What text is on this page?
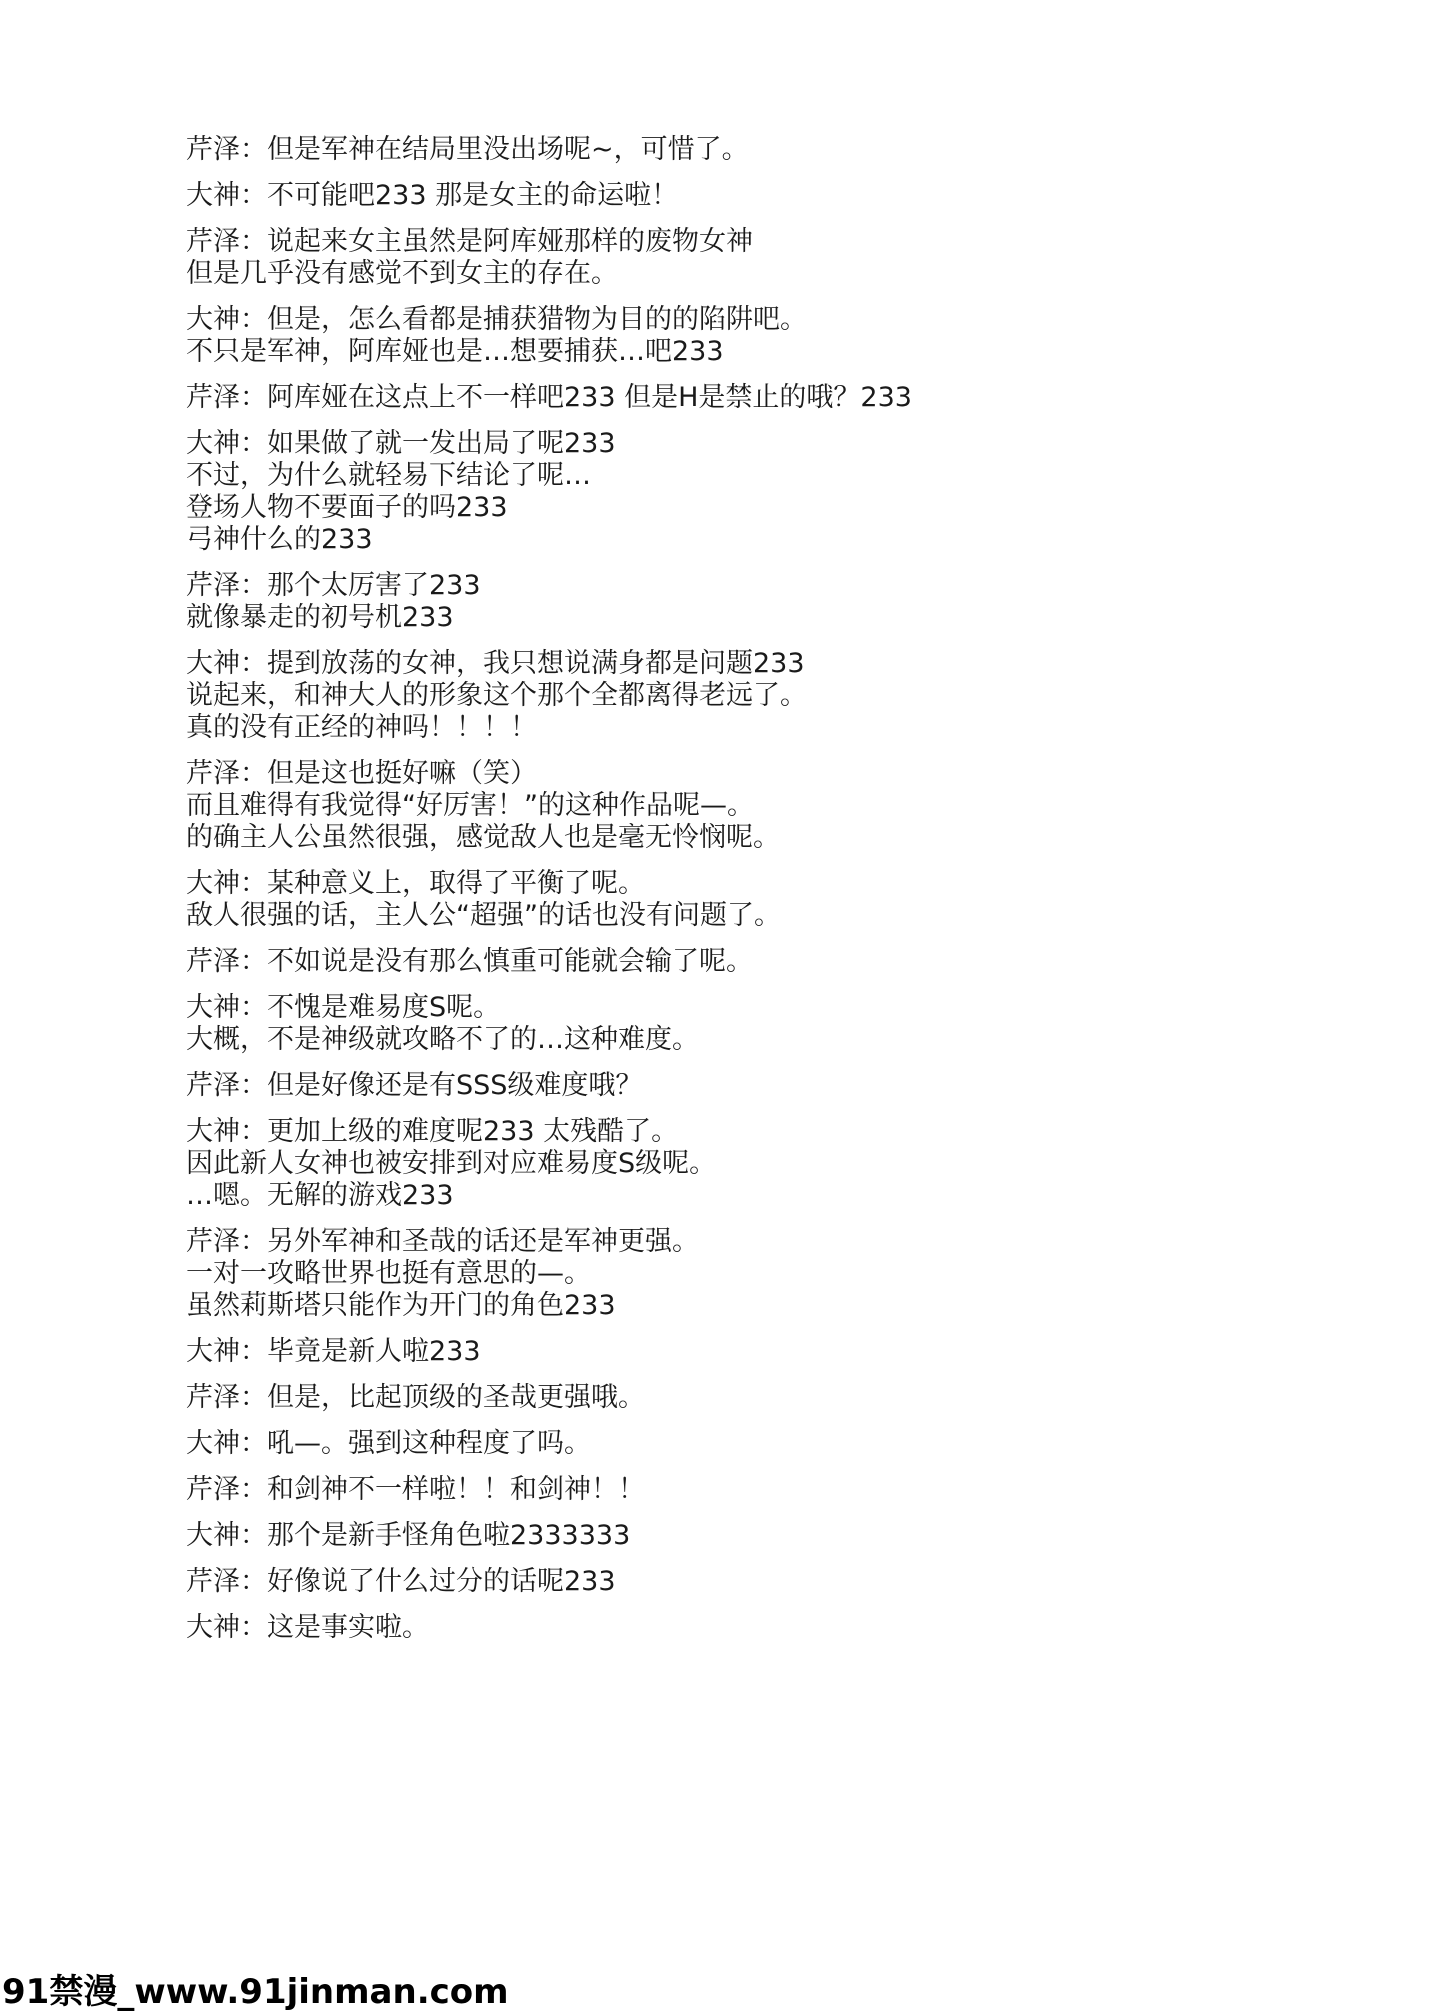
芹泽：但是军神在结局里没出场呢~，可惜了。
大神：不可能吧233 那是女主的命运啦！
芹泽：说起来女主虽然是阿库娅那样的废物女神
但是几乎没有感觉不到女主的存在。
大神：但是，怎么看都是捕获猎物为目的的陷阱吧。
不只是军神，阿库娅也是…想要捕获…吧233
芹泽：阿库娅在这点上不一样吧233 但是H是禁止的哦？233
大神：如果做了就一发出局了呢233
不过，为什么就轻易下结论了呢…
登场人物不要面子的吗233
弓神什么的233
芹泽：那个太厉害了233
就像暴走的初号机233
大神：提到放荡的女神，我只想说满身都是问题233
说起来，和神大人的形象这个那个全都离得老远了。
真的没有正经的神吗！！！！
芹泽：但是这也挺好嘛（笑）
而且难得有我觉得“好厉害！”的这种作品呢—。
的确主人公虽然很强，感觉敌人也是毫无怜悯呢。
大神：某种意义上，取得了平衡了呢。
敌人很强的话，主人公“超强”的话也没有问题了。
芹泽：不如说是没有那么慎重可能就会输了呢。
大神：不愧是难易度S呢。
大概，不是神级就攻略不了的…这种难度。
芹泽：但是好像还是有SSS级难度哦？
大神：更加上级的难度呢233 太残酷了。
因此新人女神也被安排到对应难易度S级呢。
…嗯。无解的游戏233
芹泽：另外军神和圣哉的话还是军神更强。
一对一攻略世界也挺有意思的—。
虽然莉斯塔只能作为开门的角色233
大神：毕竟是新人啦233
芹泽：但是，比起顶级的圣哉更强哦。
大神：吼—。强到这种程度了吗。
芹泽：和剑神不一样啦！！和剑神！！
大神：那个是新手怪角色啦2333333
芹泽：好像说了什么过分的话呢233
大神：这是事实啦。
91禁漫_www.91jinman.com
